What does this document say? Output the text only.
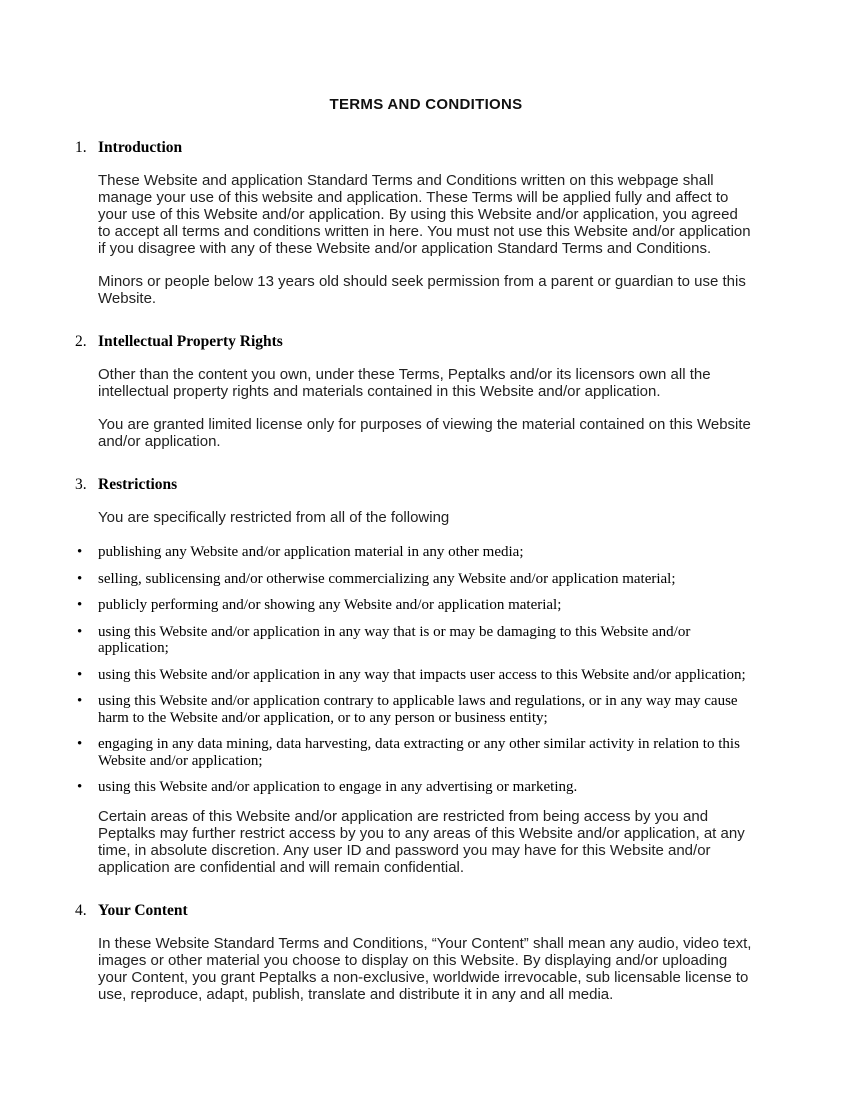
TERMS AND CONDITIONS
1. Introduction

These Website and application Standard Terms and Conditions written on this webpage shall manage your use of this website and application. These Terms will be applied fully and affect to your use of this Website and/or application. By using this Website and/or application, you agreed to accept all terms and conditions written in here. You must not use this Website and/or application if you disagree with any of these Website and/or application Standard Terms and Conditions.

Minors or people below 13 years old should seek permission from a parent or guardian to use this Website.

2. Intellectual Property Rights

Other than the content you own, under these Terms, Peptalks and/or its licensors own all the intellectual property rights and materials contained in this Website and/or application.

You are granted limited license only for purposes of viewing the material contained on this Website and/or application.

3. Restrictions

You are specifically restricted from all of the following

• publishing any Website and/or application material in any other media;
• selling, sublicensing and/or otherwise commercializing any Website and/or application material;
• publicly performing and/or showing any Website and/or application material;
• using this Website and/or application in any way that is or may be damaging to this Website and/or application;
• using this Website and/or application in any way that impacts user access to this Website and/or application;
• using this Website and/or application contrary to applicable laws and regulations, or in any way may cause harm to the Website and/or application, or to any person or business entity;
• engaging in any data mining, data harvesting, data extracting or any other similar activity in relation to this Website and/or application;
• using this Website and/or application to engage in any advertising or marketing.

Certain areas of this Website and/or application are restricted from being access by you and Peptalks may further restrict access by you to any areas of this Website and/or application, at any time, in absolute discretion. Any user ID and password you may have for this Website and/or application are confidential and will remain confidential.

4. Your Content

In these Website Standard Terms and Conditions, “Your Content” shall mean any audio, video text, images or other material you choose to display on this Website. By displaying and/or uploading your Content, you grant Peptalks a non-exclusive, worldwide irrevocable, sub licensable license to use, reproduce, adapt, publish, translate and distribute it in any and all media.
